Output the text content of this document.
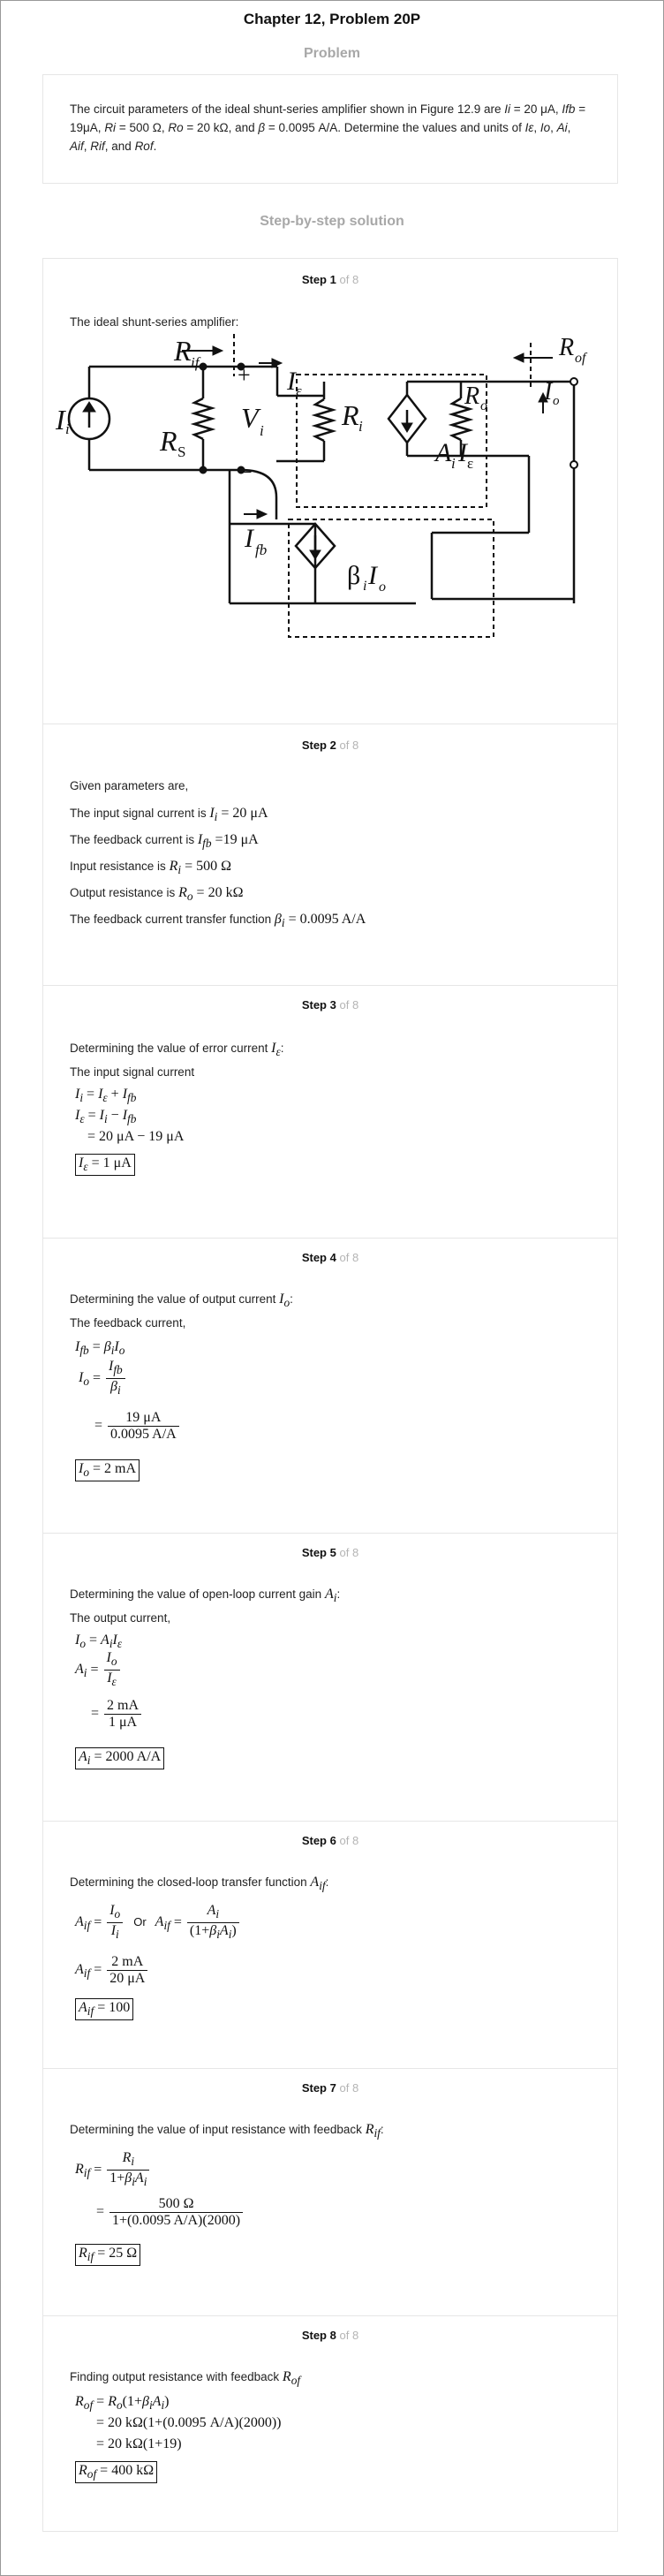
Chapter 12, Problem 20P
Problem
The circuit parameters of the ideal shunt-series amplifier shown in Figure 12.9 are Ii = 20 μA, Ifb = 19μA, Ri = 500 Ω, Ro = 20 kΩ, and β = 0.0095 A/A. Determine the values and units of Iε, Io, Ai, Aif, Rif, and Rof.
Step-by-step solution
Step 1 of 8
The ideal shunt-series amplifier:
R if
R of
I i	R S
V i
+
−
I ε
R i
R o
I o
A i I ε
I fb
β i I o
Step 2 of 8
Given parameters are,
The input signal current is $I_i = 20$ μA
The feedback current is $I_{fb} =19$ μA
Input resistance is $R_i = 500$ Ω
Output resistance is $R_o = 20$ kΩ
The feedback current transfer function $\beta_i = 0.0095$ A/A
Step 3 of 8
Determining the value of error current $I_\varepsilon$:
The input signal current
$I_i = I_\varepsilon + I_{fb}$
$I_\varepsilon = I_i - I_{fb}$
= 20 μA − 19 μA
$I_\varepsilon = 1$ μA
Step 4 of 8
Determining the value of output current $I_o$:
The feedback current,
$I_{fb} = \beta_iI_o$
$I_o = \frac{I_{fb}}{\beta_i}$
= $\frac{19 \mu A}{0.0095 A/A}$
$I_o = 2$ mA
Step 5 of 8
Determining the value of open-loop current gain $A_i$:
The output current,
$I_o = A_iI_\varepsilon$
$A_i = \frac{I_o}{I_\varepsilon}$
= $\frac{2 mA}{1 \mu A}$
$A_i = 2000$ A/A
Step 6 of 8
Determining the closed-loop transfer function $A_{if}$:
$A_{if} = \frac{I_o}{I_i}$ Or $A_{if} = \frac{A_i}{(1+\beta_iA_i)}$
$A_{if} = \frac{2 mA}{20 \mu A}$
$A_{if} = 100$
Step 7 of 8
Determining the value of input resistance with feedback $R_{if}$:
$R_{if} = \frac{R_i}{1+\beta_iA_i}$
= $\frac{500 \Omega}{1+(0.0095 A/A)(2000)}$
$R_{if} = 25$ Ω
Step 8 of 8
Finding output resistance with feedback $R_{of}$
$R_{of} = R_o(1+\beta_iA_i)$
= 20 kΩ(1+(0.0095 A/A)(2000))
= 20 kΩ(1+19)
$R_{of} = 400$ kΩ
